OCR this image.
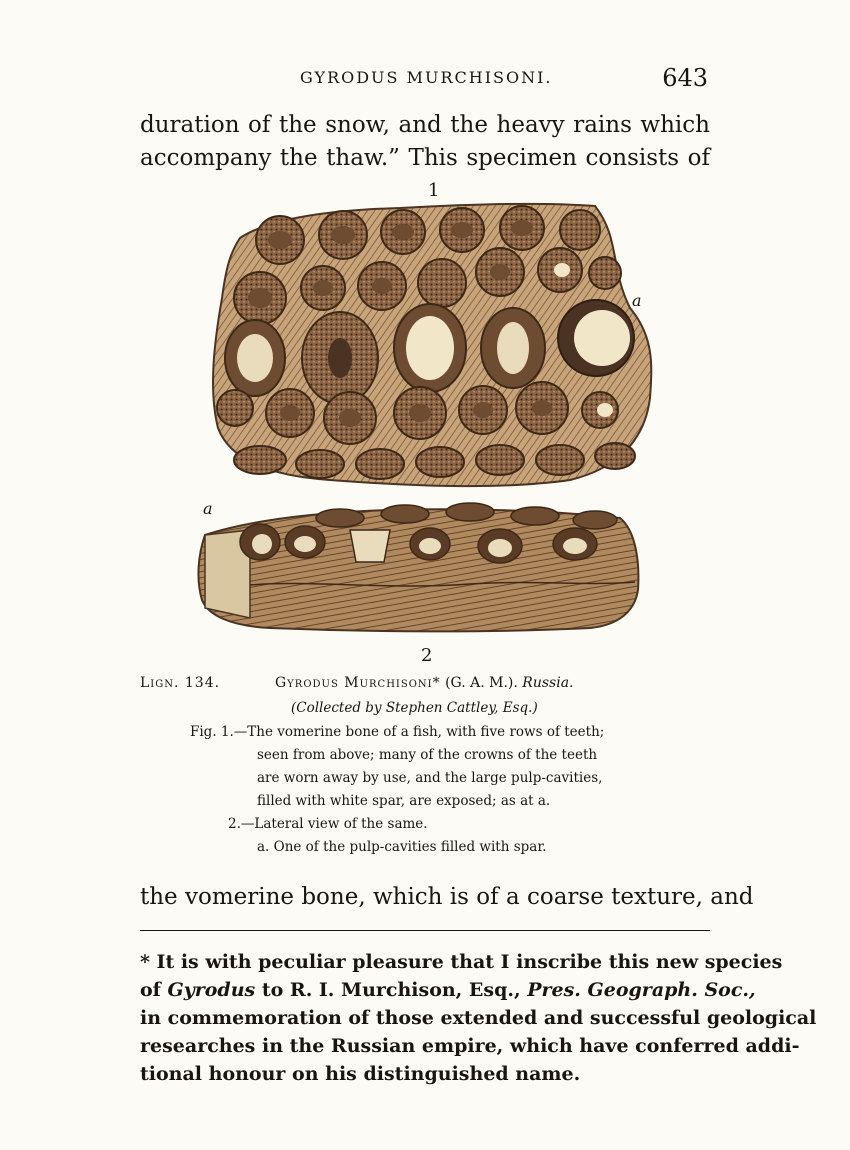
GYRODUS MURCHISONI.	643
duration of the snow, and the heavy rains which
accompany the thaw.” This specimen consists of
1
a
a
2
Lign. 134.	Gyrodus Murchisoni* (G. A. M.). Russia.
(Collected by Stephen Cattley, Esq.)
Fig. 1.—The vomerine bone of a fish, with five rows of teeth;
seen from above; many of the crowns of the teeth
are worn away by use, and the large pulp-cavities,
filled with white spar, are exposed; as at a.
2.—Lateral view of the same.
a. One of the pulp-cavities filled with spar.
the vomerine bone, which is of a coarse texture, and
* It is with peculiar pleasure that I inscribe this new species
of Gyrodus to R. I. Murchison, Esq., Pres. Geograph. Soc.,
in commemoration of those extended and successful geological
researches in the Russian empire, which have conferred addi-
tional honour on his distinguished name.
